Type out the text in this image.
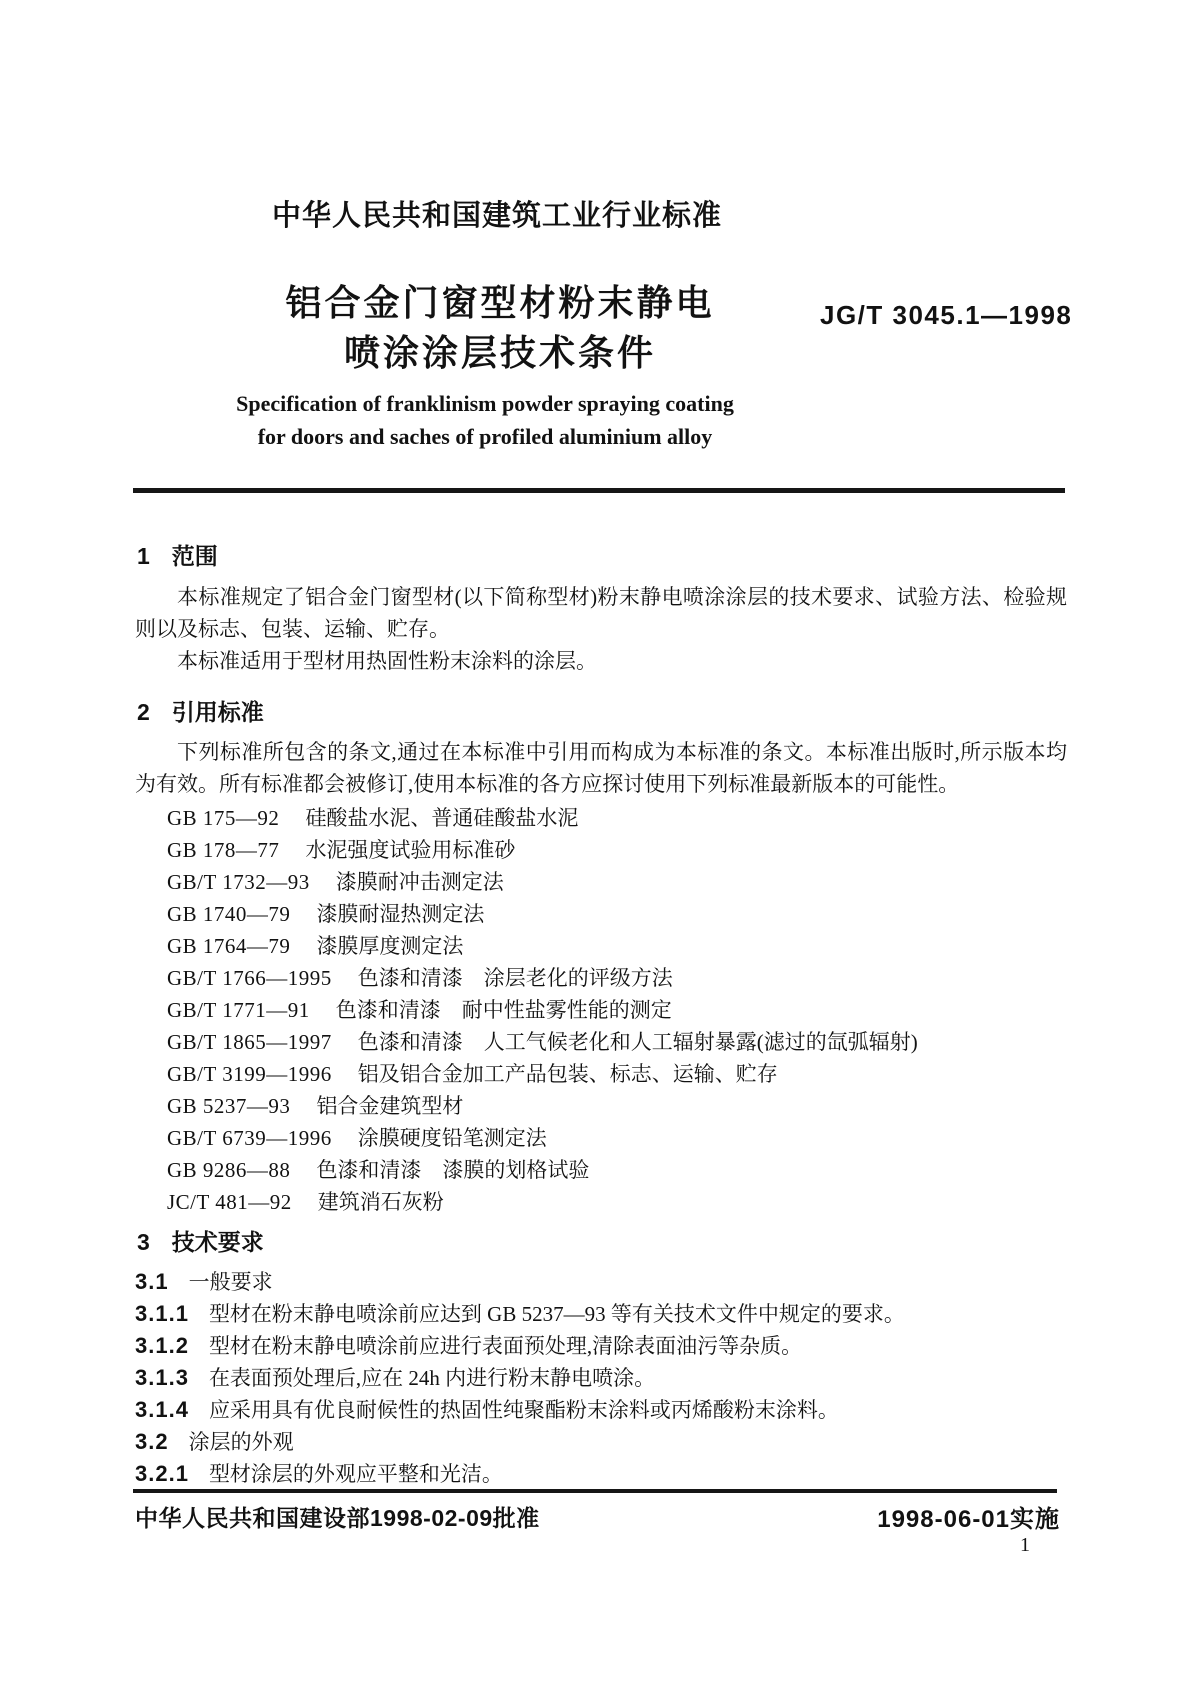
中华人民共和国建筑工业行业标准
铝合金门窗型材粉末静电
喷涂涂层技术条件
JG/T 3045.1—1998
Specification of franklinism powder spraying coating
for doors and saches of profiled aluminium alloy
1 范围
本标准规定了铝合金门窗型材(以下简称型材)粉末静电喷涂涂层的技术要求、试验方法、检验规则以及标志、包装、运输、贮存。
本标准适用于型材用热固性粉末涂料的涂层。
2 引用标准
下列标准所包含的条文,通过在本标准中引用而构成为本标准的条文。本标准出版时,所示版本均为有效。所有标准都会被修订,使用本标准的各方应探讨使用下列标准最新版本的可能性。
GB 175—92 硅酸盐水泥、普通硅酸盐水泥
GB 178—77 水泥强度试验用标准砂
GB/T 1732—93 漆膜耐冲击测定法
GB 1740—79 漆膜耐湿热测定法
GB 1764—79 漆膜厚度测定法
GB/T 1766—1995 色漆和清漆　涂层老化的评级方法
GB/T 1771—91 色漆和清漆　耐中性盐雾性能的测定
GB/T 1865—1997 色漆和清漆　人工气候老化和人工辐射暴露(滤过的氙弧辐射)
GB/T 3199—1996 铝及铝合金加工产品包装、标志、运输、贮存
GB 5237—93 铝合金建筑型材
GB/T 6739—1996 涂膜硬度铅笔测定法
GB 9286—88 色漆和清漆　漆膜的划格试验
JC/T 481—92 建筑消石灰粉
3 技术要求
3.1 一般要求
3.1.1 型材在粉末静电喷涂前应达到 GB 5237—93 等有关技术文件中规定的要求。
3.1.2 型材在粉末静电喷涂前应进行表面预处理,清除表面油污等杂质。
3.1.3 在表面预处理后,应在 24h 内进行粉末静电喷涂。
3.1.4 应采用具有优良耐候性的热固性纯聚酯粉末涂料或丙烯酸粉末涂料。
3.2 涂层的外观
3.2.1 型材涂层的外观应平整和光洁。
中华人民共和国建设部1998-02-09批准	1998-06-01实施
1
